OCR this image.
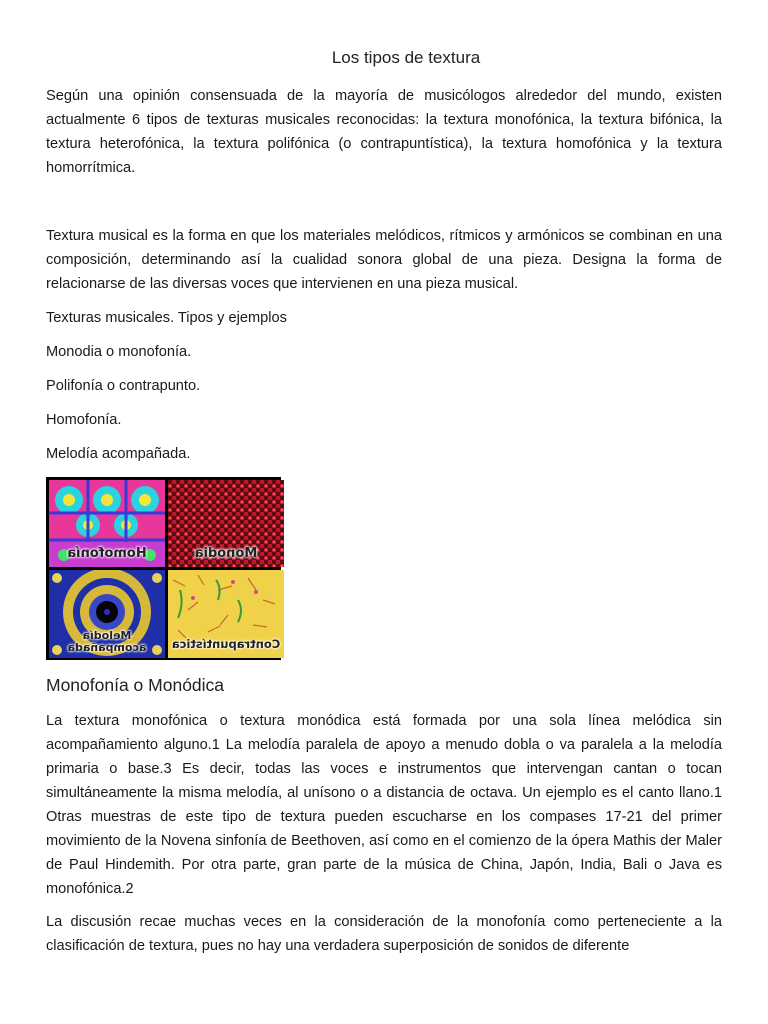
Los tipos de textura
Según una opinión consensuada de la mayoría de musicólogos alrededor del mundo, existen actualmente 6 tipos de texturas musicales reconocidas: la textura monofónica, la textura bifónica, la textura heterofónica, la textura polifónica (o contrapuntística), la textura homofónica y la textura homorrítmica.
Textura musical es la forma en que los materiales melódicos, rítmicos y armónicos se combinan en una composición, determinando así la cualidad sonora global de una pieza. Designa la forma de relacionarse de las diversas voces que intervienen en una pieza musical.
Texturas musicales. Tipos y ejemplos
Monodia o monofonía.
Polifonía o contrapunto.
Homofonía.
Melodía acompañada.
Homofonía	Monodia
Melodía
acompañada	Contrapuntística
Monofonía o Monódica
La textura monofónica o textura monódica está formada por una sola línea melódica sin acompañamiento alguno.1 La melodía paralela de apoyo a menudo dobla o va paralela a la melodía primaria o base.3 Es decir, todas las voces e instrumentos que intervengan cantan o tocan simultáneamente la misma melodía, al unísono o a distancia de octava. Un ejemplo es el canto llano.1 Otras muestras de este tipo de textura pueden escucharse en los compases 17-21 del primer movimiento de la Novena sinfonía de Beethoven, así como en el comienzo de la ópera Mathis der Maler de Paul Hindemith. Por otra parte, gran parte de la música de China, Japón, India, Bali o Java es monofónica.2
La discusión recae muchas veces en la consideración de la monofonía como perteneciente a la clasificación de textura, pues no hay una verdadera superposición de sonidos de diferente
